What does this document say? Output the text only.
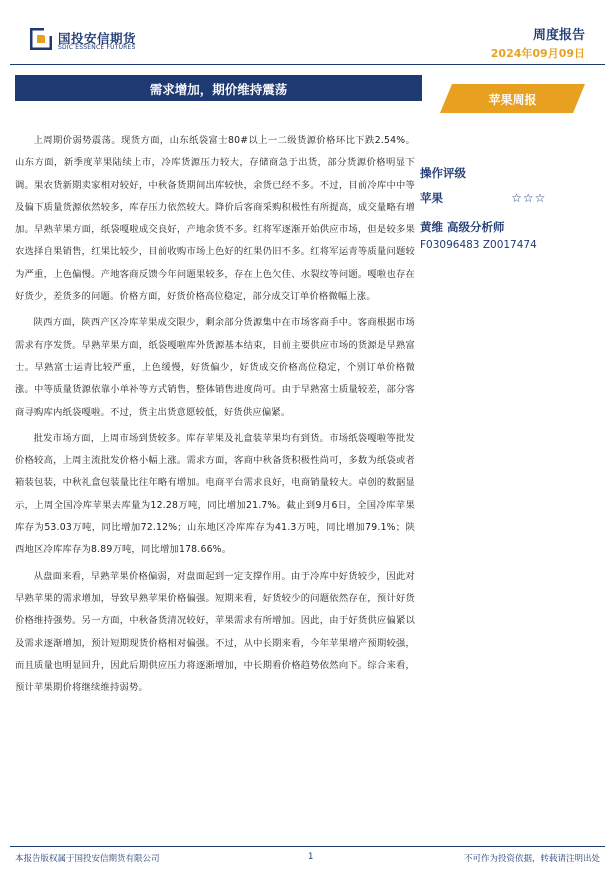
国投安信期货
SDIC ESSENCE FUTURES
周度报告
2024年09月09日
需求增加，期价维持震荡
苹果周报

上周期价弱势震荡。现货方面，山东纸袋富士80#以上一二级货源价格环比下跌2.54%。山东方面，新季度苹果陆续上市，冷库货源压力较大，存储商急于出货，部分货源价格明显下调。果农货新期卖家相对较好，中秋备货期间出库较快，余货已经不多。不过，目前冷库中中等及偏下质量货源依然较多，库存压力依然较大。降价后客商采购积极性有所提高，成交量略有增加。早熟苹果方面，纸袋嘎啦成交良好，产地余货不多。红将军逐渐开始供应市场，但是较多果农选择自果销售，红果比较少，目前收购市场上色好的红果仍旧不多。红将军运青等质量问题较为严重，上色偏慢。产地客商反馈今年问题果较多，存在上色欠佳、水裂纹等问题。嘎啦也存在好货少，差货多的问题。价格方面，好货价格高位稳定，部分成交订单价格微幅上涨。

陕西方面，陕西产区冷库苹果成交限少，剩余部分货源集中在市场客商手中。客商根据市场需求有序发货。早熟苹果方面，纸袋嘎啦库外货源基本结束，目前主要供应市场的货源是早熟富士。早熟富士运青比较严重，上色缓慢，好货偏少，好货成交价格高位稳定，个别订单价格微涨。中等质量货源依靠小单补等方式销售，整体销售进度尚可。由于早熟富士质量较差，部分客商寻购库内纸袋嘎啦。不过，货主出货意愿较低，好货供应偏紧。

批发市场方面，上周市场到货较多。库存苹果及礼盒装苹果均有到货。市场纸袋嘎啦等批发价格较高，上周主流批发价格小幅上涨。需求方面，客商中秋备货积极性尚可，多数为纸袋或者箱装包装，中秋礼盒包装量比往年略有增加。电商平台需求良好，电商销量较大。卓创的数据显示，上周全国冷库苹果去库量为12.28万吨，同比增加21.7%。截止到9月6日，全国冷库苹果库存为53.03万吨，同比增加72.12%；山东地区冷库库存为41.3万吨，同比增加79.1%；陕西地区冷库库存为8.89万吨，同比增加178.66%。

从盘面来看，早熟苹果价格偏弱，对盘面起到一定支撑作用。由于冷库中好货较少，因此对早熟苹果的需求增加，导致早熟苹果价格偏强。短期来看，好货较少的问题依然存在，预计好货价格维持强势。另一方面，中秋备货清况较好，苹果需求有所增加。因此，由于好货供应偏紧以及需求逐渐增加，预计短期现货价格相对偏强。不过，从中长期来看，今年苹果增产预期较强，而且质量也明显回升，因此后期供应压力将逐渐增加，中长期看价格趋势依然向下。综合来看，预计苹果期价将继续维持弱势。

操作评级
苹果	☆☆☆
黄维 高级分析师
F03096483 Z0017474
本报告版权属于国投安信期货有限公司	1	不可作为投资依据，转载请注明出处
